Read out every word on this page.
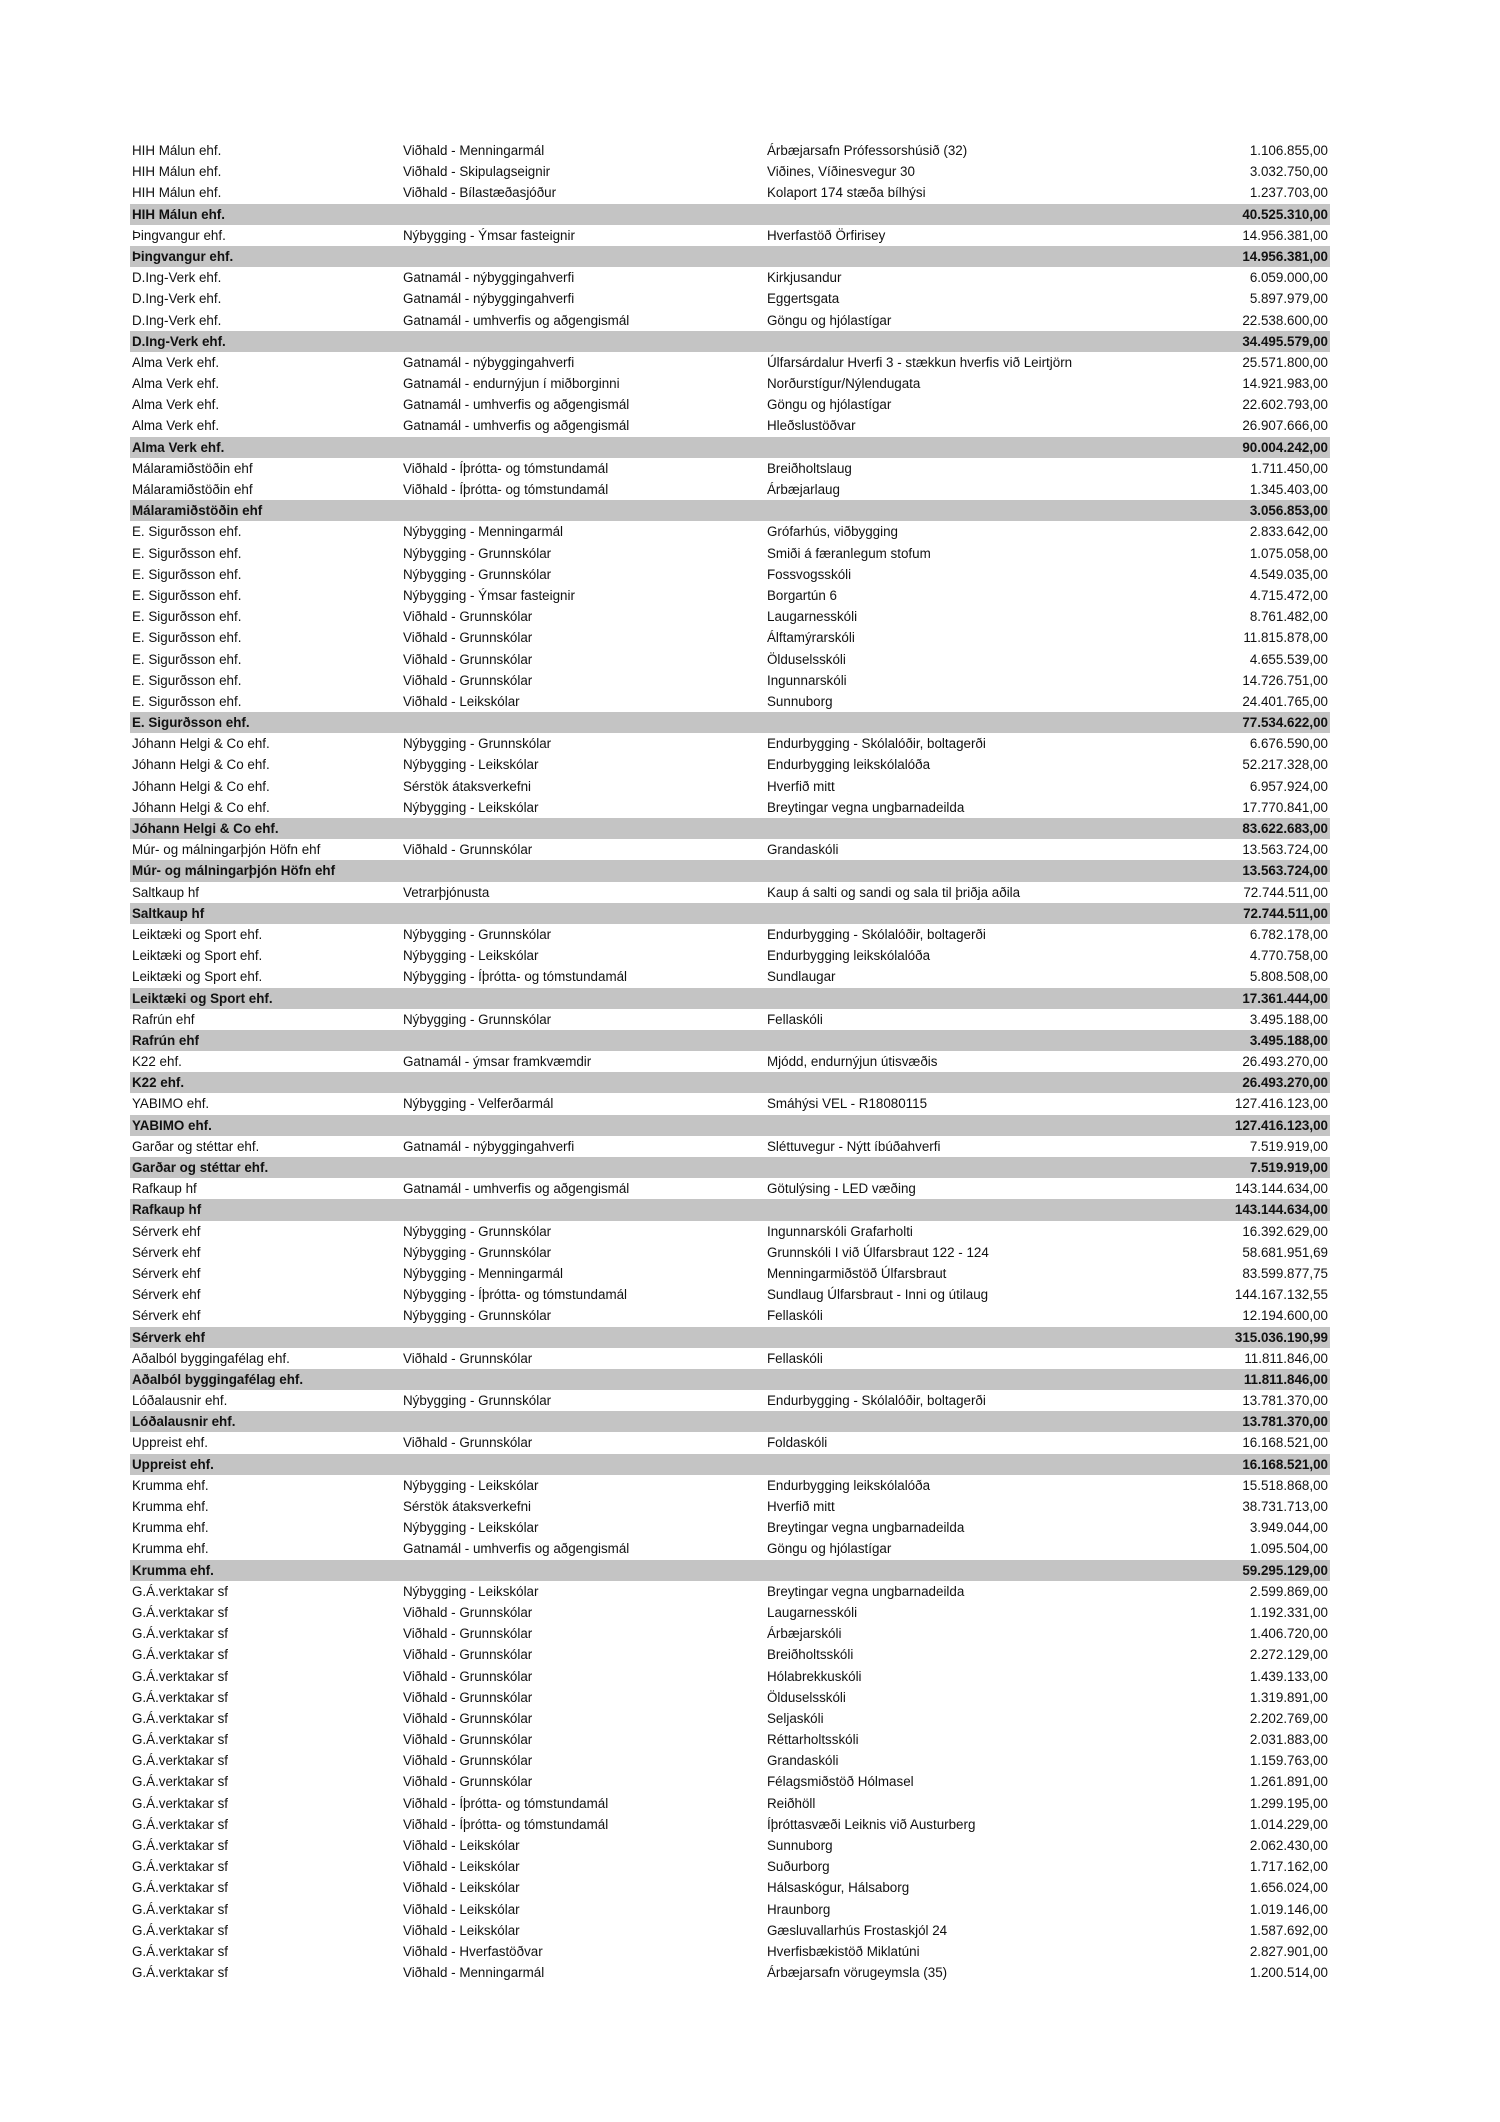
HIH Málun ehf.	Viðhald - Menningarmál	Árbæjarsafn Prófessorshúsið (32)	1.106.855,00
HIH Málun ehf.	Viðhald - Skipulagseignir	Viðines, Víðinesvegur 30	3.032.750,00
HIH Málun ehf.	Viðhald - Bílastæðasjóður	Kolaport 174 stæða bílhýsi	1.237.703,00
HIH Málun ehf.	40.525.310,00
Þingvangur ehf.	Nýbygging - Ýmsar fasteignir	Hverfastöð Örfirisey	14.956.381,00
Þingvangur ehf.	14.956.381,00
D.Ing-Verk ehf.	Gatnamál - nýbyggingahverfi	Kirkjusandur	6.059.000,00
D.Ing-Verk ehf.	Gatnamál - nýbyggingahverfi	Eggertsgata	5.897.979,00
D.Ing-Verk ehf.	Gatnamál - umhverfis og aðgengismál	Göngu og hjólastígar	22.538.600,00
D.Ing-Verk ehf.	34.495.579,00
Alma Verk ehf.	Gatnamál - nýbyggingahverfi	Úlfarsárdalur Hverfi 3 - stækkun hverfis við Leirtjörn	25.571.800,00
Alma Verk ehf.	Gatnamál - endurnýjun í miðborginni	Norðurstígur/Nýlendugata	14.921.983,00
Alma Verk ehf.	Gatnamál - umhverfis og aðgengismál	Göngu og hjólastígar	22.602.793,00
Alma Verk ehf.	Gatnamál - umhverfis og aðgengismál	Hleðslustöðvar	26.907.666,00
Alma Verk ehf.	90.004.242,00
Málaramiðstöðin ehf	Viðhald - Íþrótta- og tómstundamál	Breiðholtslaug	1.711.450,00
Málaramiðstöðin ehf	Viðhald - Íþrótta- og tómstundamál	Árbæjarlaug	1.345.403,00
Málaramiðstöðin ehf	3.056.853,00
E. Sigurðsson ehf.	Nýbygging - Menningarmál	Grófarhús, viðbygging	2.833.642,00
E. Sigurðsson ehf.	Nýbygging - Grunnskólar	Smiði á færanlegum stofum	1.075.058,00
E. Sigurðsson ehf.	Nýbygging - Grunnskólar	Fossvogsskóli	4.549.035,00
E. Sigurðsson ehf.	Nýbygging - Ýmsar fasteignir	Borgartún 6	4.715.472,00
E. Sigurðsson ehf.	Viðhald - Grunnskólar	Laugarnesskóli	8.761.482,00
E. Sigurðsson ehf.	Viðhald - Grunnskólar	Álftamýrarskóli	11.815.878,00
E. Sigurðsson ehf.	Viðhald - Grunnskólar	Ölduselsskóli	4.655.539,00
E. Sigurðsson ehf.	Viðhald - Grunnskólar	Ingunnarskóli	14.726.751,00
E. Sigurðsson ehf.	Viðhald - Leikskólar	Sunnuborg	24.401.765,00
E. Sigurðsson ehf.	77.534.622,00
Jóhann Helgi & Co ehf.	Nýbygging - Grunnskólar	Endurbygging - Skólalóðir, boltagerði	6.676.590,00
Jóhann Helgi & Co ehf.	Nýbygging - Leikskólar	Endurbygging leikskólalóða	52.217.328,00
Jóhann Helgi & Co ehf.	Sérstök átaksverkefni	Hverfið mitt	6.957.924,00
Jóhann Helgi & Co ehf.	Nýbygging - Leikskólar	Breytingar vegna ungbarnadeilda	17.770.841,00
Jóhann Helgi & Co ehf.	83.622.683,00
Múr- og málningarþjón Höfn ehf	Viðhald - Grunnskólar	Grandaskóli	13.563.724,00
Múr- og málningarþjón Höfn ehf	13.563.724,00
Saltkaup hf	Vetrarþjónusta	Kaup á salti og sandi og sala til þriðja aðila	72.744.511,00
Saltkaup hf	72.744.511,00
Leiktæki og Sport ehf.	Nýbygging - Grunnskólar	Endurbygging - Skólalóðir, boltagerði	6.782.178,00
Leiktæki og Sport ehf.	Nýbygging - Leikskólar	Endurbygging leikskólalóða	4.770.758,00
Leiktæki og Sport ehf.	Nýbygging - Íþrótta- og tómstundamál	Sundlaugar	5.808.508,00
Leiktæki og Sport ehf.	17.361.444,00
Rafrún ehf	Nýbygging - Grunnskólar	Fellaskóli	3.495.188,00
Rafrún ehf	3.495.188,00
K22 ehf.	Gatnamál - ýmsar framkvæmdir	Mjódd, endurnýjun útisvæðis	26.493.270,00
K22 ehf.	26.493.270,00
YABIMO ehf.	Nýbygging - Velferðarmál	Smáhýsi VEL - R18080115	127.416.123,00
YABIMO ehf.	127.416.123,00
Garðar og stéttar ehf.	Gatnamál - nýbyggingahverfi	Sléttuvegur - Nýtt íbúðahverfi	7.519.919,00
Garðar og stéttar ehf.	7.519.919,00
Rafkaup hf	Gatnamál - umhverfis og aðgengismál	Götulýsing - LED væðing	143.144.634,00
Rafkaup hf	143.144.634,00
Sérverk ehf	Nýbygging - Grunnskólar	Ingunnarskóli Grafarholti	16.392.629,00
Sérverk ehf	Nýbygging - Grunnskólar	Grunnskóli I við Úlfarsbraut 122 - 124	58.681.951,69
Sérverk ehf	Nýbygging - Menningarmál	Menningarmiðstöð Úlfarsbraut	83.599.877,75
Sérverk ehf	Nýbygging - Íþrótta- og tómstundamál	Sundlaug Úlfarsbraut - Inni og útilaug	144.167.132,55
Sérverk ehf	Nýbygging - Grunnskólar	Fellaskóli	12.194.600,00
Sérverk ehf	315.036.190,99
Aðalból byggingafélag ehf.	Viðhald - Grunnskólar	Fellaskóli	11.811.846,00
Aðalból byggingafélag ehf.	11.811.846,00
Lóðalausnir ehf.	Nýbygging - Grunnskólar	Endurbygging - Skólalóðir, boltagerði	13.781.370,00
Lóðalausnir ehf.	13.781.370,00
Uppreist ehf.	Viðhald - Grunnskólar	Foldaskóli	16.168.521,00
Uppreist ehf.	16.168.521,00
Krumma ehf.	Nýbygging - Leikskólar	Endurbygging leikskólalóða	15.518.868,00
Krumma ehf.	Sérstök átaksverkefni	Hverfið mitt	38.731.713,00
Krumma ehf.	Nýbygging - Leikskólar	Breytingar vegna ungbarnadeilda	3.949.044,00
Krumma ehf.	Gatnamál - umhverfis og aðgengismál	Göngu og hjólastígar	1.095.504,00
Krumma ehf.	59.295.129,00
G.Á.verktakar sf	Nýbygging - Leikskólar	Breytingar vegna ungbarnadeilda	2.599.869,00
G.Á.verktakar sf	Viðhald - Grunnskólar	Laugarnesskóli	1.192.331,00
G.Á.verktakar sf	Viðhald - Grunnskólar	Árbæjarskóli	1.406.720,00
G.Á.verktakar sf	Viðhald - Grunnskólar	Breiðholtsskóli	2.272.129,00
G.Á.verktakar sf	Viðhald - Grunnskólar	Hólabrekkuskóli	1.439.133,00
G.Á.verktakar sf	Viðhald - Grunnskólar	Ölduselsskóli	1.319.891,00
G.Á.verktakar sf	Viðhald - Grunnskólar	Seljaskóli	2.202.769,00
G.Á.verktakar sf	Viðhald - Grunnskólar	Réttarholtsskóli	2.031.883,00
G.Á.verktakar sf	Viðhald - Grunnskólar	Grandaskóli	1.159.763,00
G.Á.verktakar sf	Viðhald - Grunnskólar	Félagsmiðstöð Hólmasel	1.261.891,00
G.Á.verktakar sf	Viðhald - Íþrótta- og tómstundamál	Reiðhöll	1.299.195,00
G.Á.verktakar sf	Viðhald - Íþrótta- og tómstundamál	Íþróttasvæði Leiknis við Austurberg	1.014.229,00
G.Á.verktakar sf	Viðhald - Leikskólar	Sunnuborg	2.062.430,00
G.Á.verktakar sf	Viðhald - Leikskólar	Suðurborg	1.717.162,00
G.Á.verktakar sf	Viðhald - Leikskólar	Hálsaskógur, Hálsaborg	1.656.024,00
G.Á.verktakar sf	Viðhald - Leikskólar	Hraunborg	1.019.146,00
G.Á.verktakar sf	Viðhald - Leikskólar	Gæsluvallarhús Frostaskjól 24	1.587.692,00
G.Á.verktakar sf	Viðhald - Hverfastöðvar	Hverfisbækistöð Miklatúni	2.827.901,00
G.Á.verktakar sf	Viðhald - Menningarmál	Árbæjarsafn vörugeymsla (35)	1.200.514,00
